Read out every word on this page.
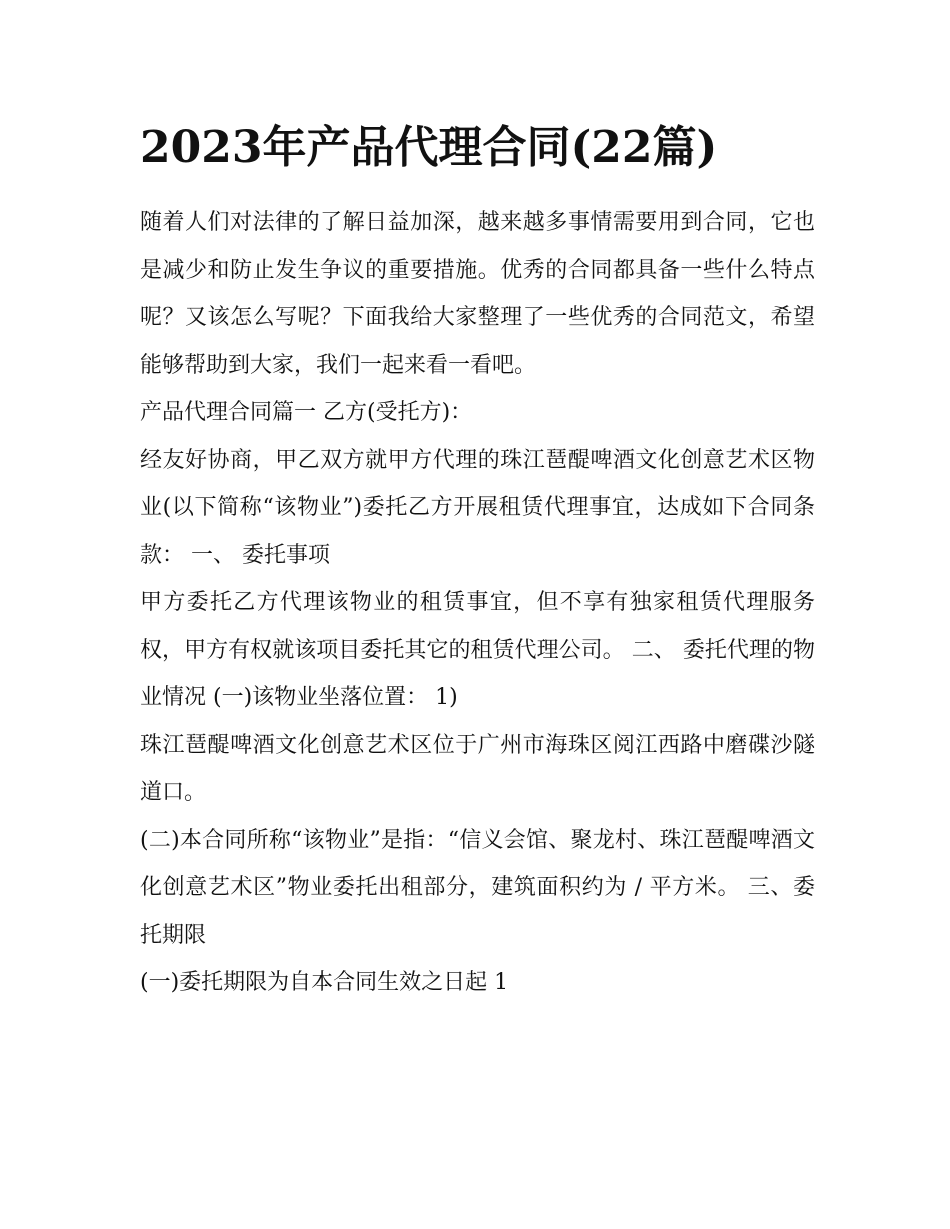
2023年产品代理合同(22篇)

随着人们对法律的了解日益加深，越来越多事情需要用到合同，它也是减少和防止发生争议的重要措施。优秀的合同都具备一些什么特点呢？又该怎么写呢？下面我给大家整理了一些优秀的合同范文，希望能够帮助到大家，我们一起来看一看吧。

产品代理合同篇一 乙方(受托方)：

经友好协商，甲乙双方就甲方代理的珠江琶醍啤酒文化创意艺术区物业(以下简称“该物业”)委托乙方开展租赁代理事宜，达成如下合同条款： 一、 委托事项

甲方委托乙方代理该物业的租赁事宜，但不享有独家租赁代理服务权，甲方有权就该项目委托其它的租赁代理公司。 二、 委托代理的物业情况 (一)该物业坐落位置： 1)

珠江琶醍啤酒文化创意艺术区位于广州市海珠区阅江西路中磨碟沙隧道口。

(二)本合同所称“该物业”是指：“信义会馆、聚龙村、珠江琶醍啤酒文化创意艺术区”物业委托出租部分，建筑面积约为 / 平方米。 三、委托期限

(一)委托期限为自本合同生效之日起 1
